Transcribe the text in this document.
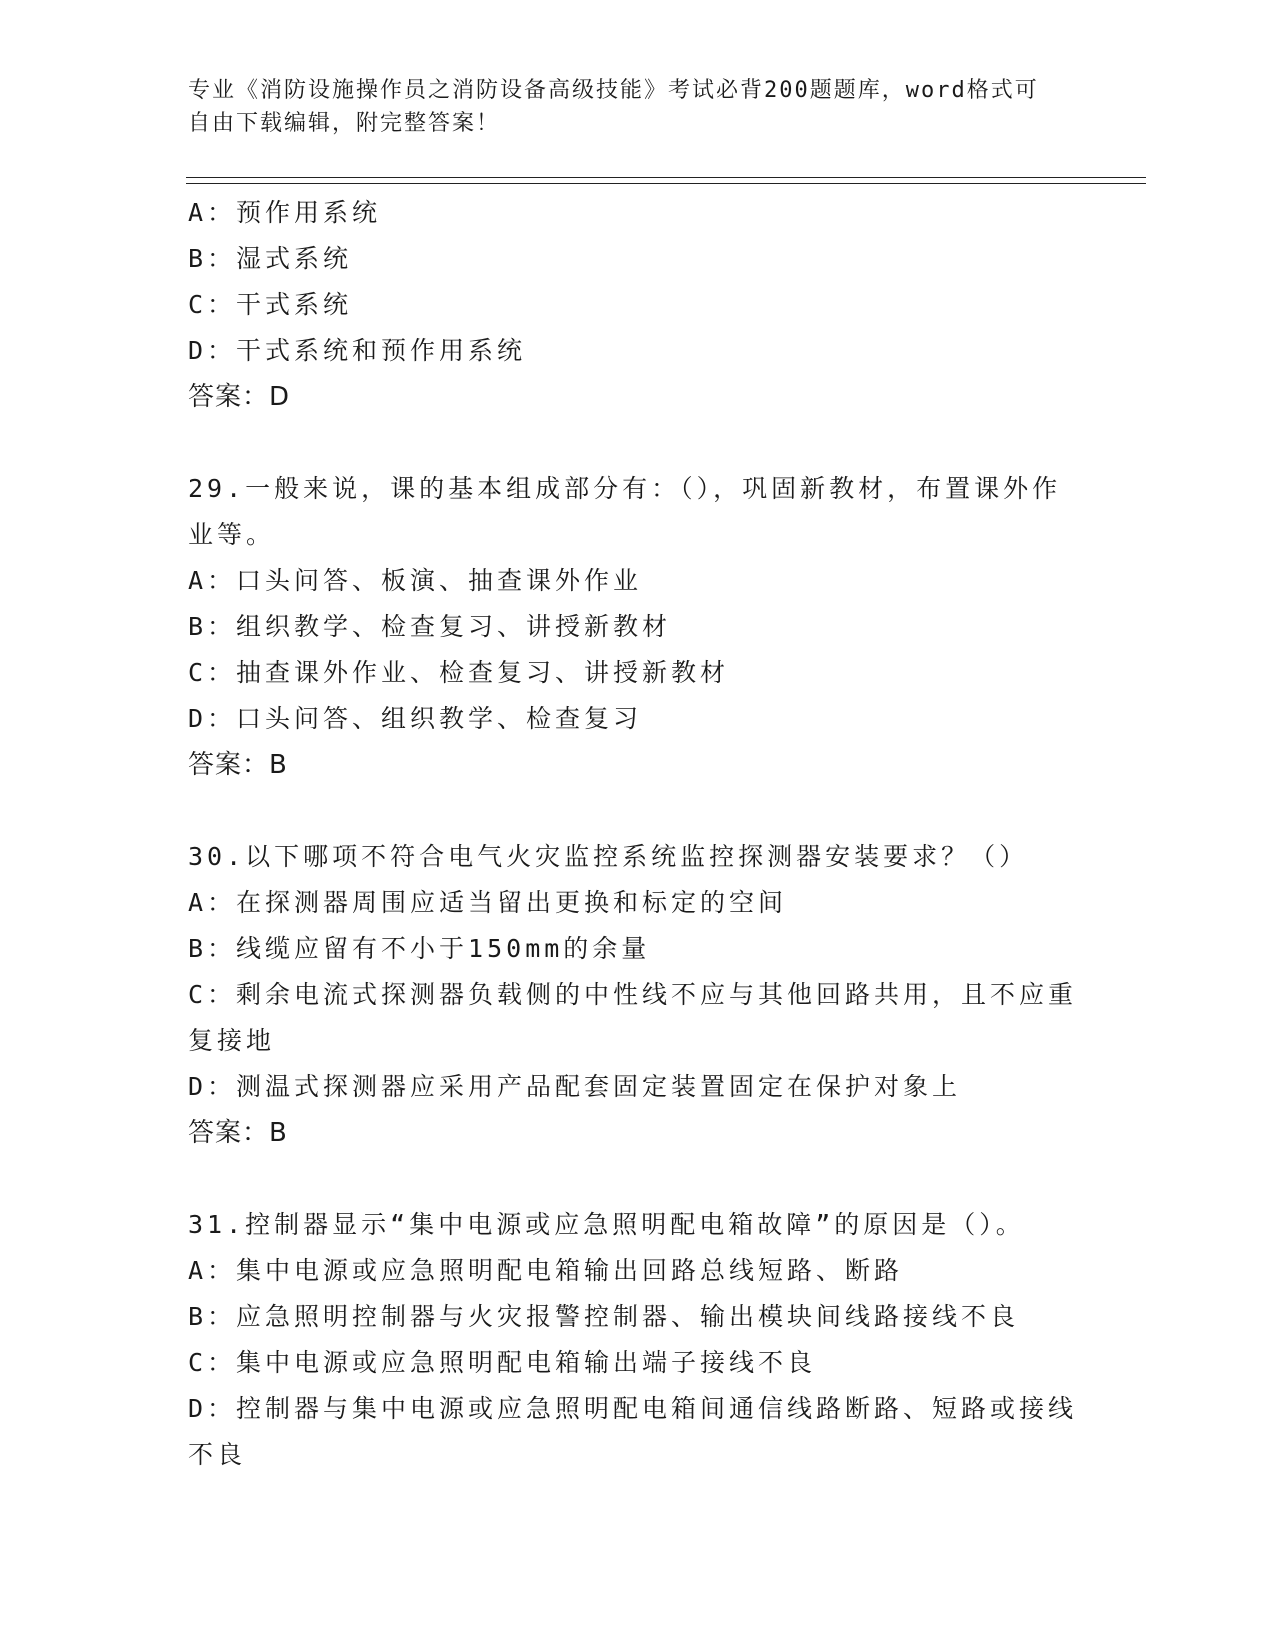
专业《消防设施操作员之消防设备高级技能》考试必背200题题库，word格式可
自由下载编辑，附完整答案！
A：预作用系统
B：湿式系统
C：干式系统
D：干式系统和预作用系统
答案：D
29.一般来说，课的基本组成部分有：（），巩固新教材，布置课外作
业等。
A：口头问答、板演、抽查课外作业
B：组织教学、检查复习、讲授新教材
C：抽查课外作业、检查复习、讲授新教材
D：口头问答、组织教学、检查复习
答案：B
30.以下哪项不符合电气火灾监控系统监控探测器安装要求？（）
A：在探测器周围应适当留出更换和标定的空间
B：线缆应留有不小于150mm的余量
C：剩余电流式探测器负载侧的中性线不应与其他回路共用，且不应重
复接地
D：测温式探测器应采用产品配套固定装置固定在保护对象上
答案：B
31.控制器显示“集中电源或应急照明配电箱故障”的原因是（）。
A：集中电源或应急照明配电箱输出回路总线短路、断路
B：应急照明控制器与火灾报警控制器、输出模块间线路接线不良
C：集中电源或应急照明配电箱输出端子接线不良
D：控制器与集中电源或应急照明配电箱间通信线路断路、短路或接线
不良
